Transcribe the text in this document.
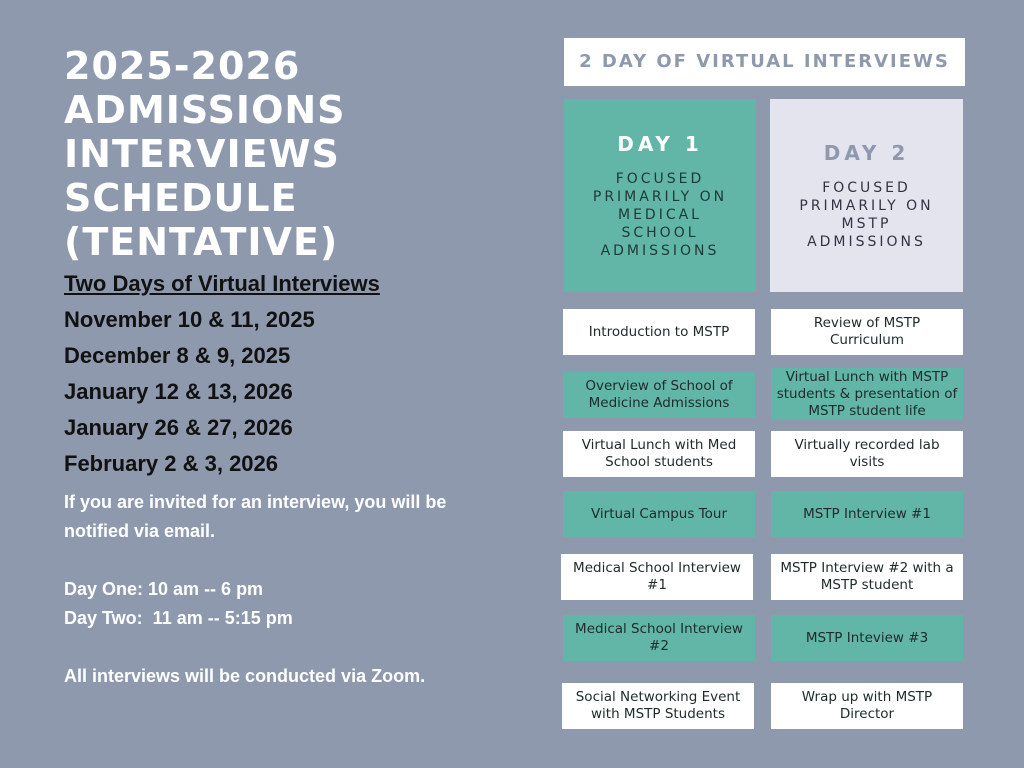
2025-2026
ADMISSIONS
INTERVIEWS
SCHEDULE
(TENTATIVE)
Two Days of Virtual Interviews
November 10 & 11, 2025
December 8 & 9, 2025
January 12 & 13, 2026
January 26 & 27, 2026
February 2 & 3, 2026

If you are invited for an interview, you will be notified via email.

Day One: 10 am -- 6 pm

Day Two:  11 am -- 5:15 pm

All interviews will be conducted via Zoom.

2 DAY OF VIRTUAL INTERVIEWS
DAY 1
FOCUSED PRIMARILY ON MEDICAL SCHOOL ADMISSIONS
DAY 2
FOCUSED PRIMARILY ON MSTP ADMISSIONS
Introduction to MSTP
Overview of School of Medicine Admissions
Virtual Lunch with Med School students
Virtual Campus Tour
Medical School Interview #1
Medical School Interview #2
Social Networking Event with MSTP Students
Review of MSTP Curriculum
Virtual Lunch with MSTP students & presentation of MSTP student life
Virtually recorded lab visits
MSTP Interview #1
MSTP Interview #2 with a MSTP student
MSTP Inteview #3
Wrap up with MSTP Director
